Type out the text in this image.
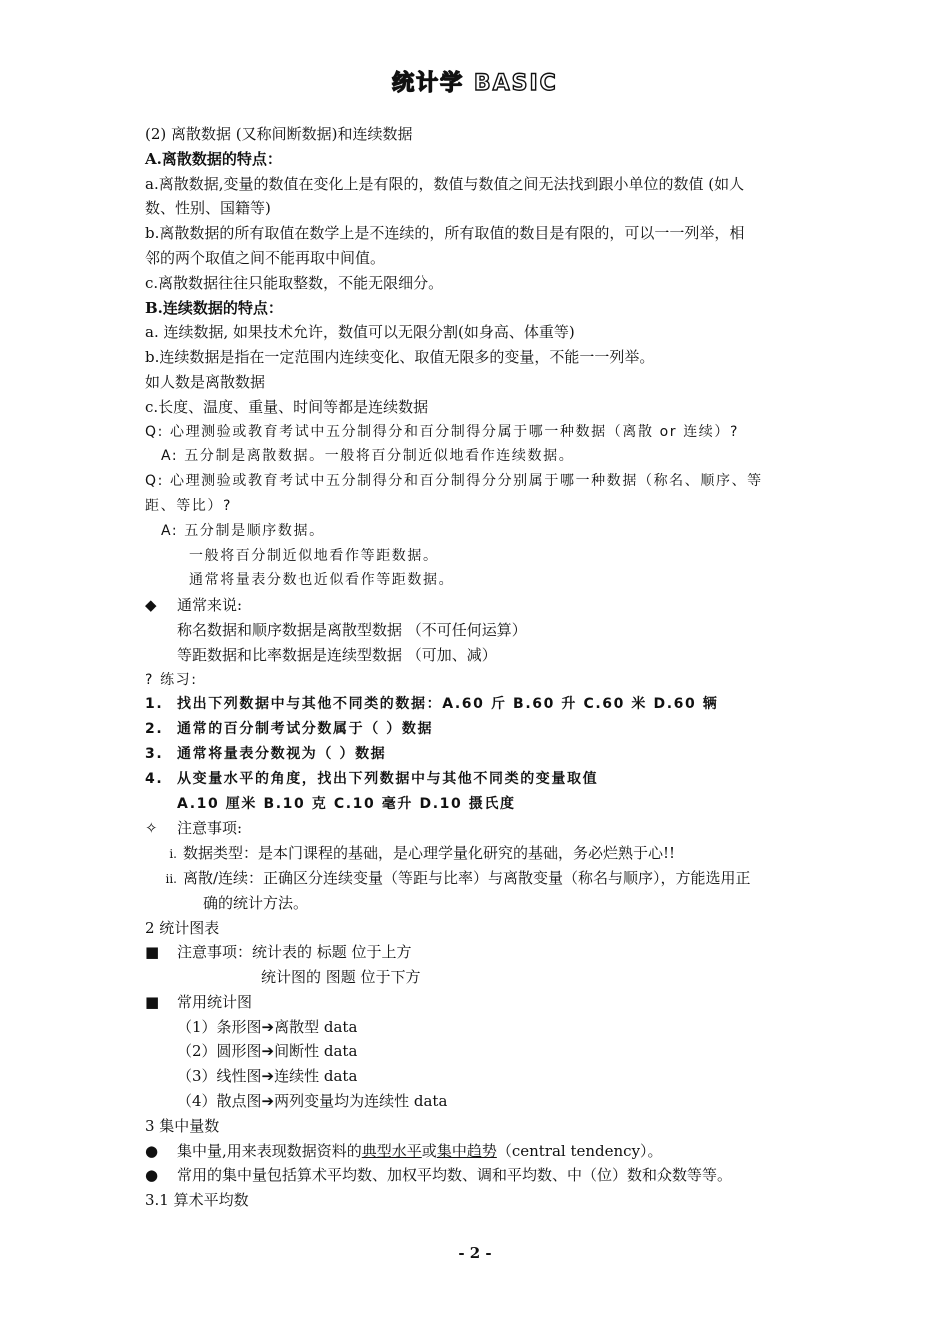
统计学 BASIC
(2) 离散数据 (又称间断数据)和连续数据
A.离散数据的特点：
a.离散数据,变量的数值在变化上是有限的，数值与数值之间无法找到跟小单位的数值 (如人
数、性别、国籍等)
b.离散数据的所有取值在数学上是不连续的，所有取值的数目是有限的，可以一一列举，相
邻的两个取值之间不能再取中间值。
c.离散数据往往只能取整数，不能无限细分。
B.连续数据的特点：
a. 连续数据, 如果技术允许，数值可以无限分割(如身高、体重等)
b.连续数据是指在一定范围内连续变化、取值无限多的变量，不能一一列举。
如人数是离散数据
c.长度、温度、重量、时间等都是连续数据
Q: 心理测验或教育考试中五分制得分和百分制得分属于哪一种数据（离散 or 连续）?
A: 五分制是离散数据。一般将百分制近似地看作连续数据。
Q: 心理测验或教育考试中五分制得分和百分制得分分别属于哪一种数据（称名、顺序、等
距、等比）?
A: 五分制是顺序数据。
一般将百分制近似地看作等距数据。
通常将量表分数也近似看作等距数据。
◆ 通常来说:
称名数据和顺序数据是离散型数据 （不可任何运算）
等距数据和比率数据是连续型数据 （可加、减）
? 练习:
1. 找出下列数据中与其他不同类的数据：A.60 斤 B.60 升 C.60 米 D.60 辆
2. 通常的百分制考试分数属于（ ）数据
3. 通常将量表分数视为（ ）数据
4. 从变量水平的角度，找出下列数据中与其他不同类的变量取值
A.10 厘米 B.10 克 C.10 毫升 D.10 摄氏度
✧ 注意事项:
i. 数据类型：是本门课程的基础，是心理学量化研究的基础，务必烂熟于心!!
ii. 离散/连续：正确区分连续变量（等距与比率）与离散变量（称名与顺序），方能选用正
确的统计方法。
2 统计图表
■ 注意事项：统计表的 标题 位于上方
统计图的 图题 位于下方
■ 常用统计图
（1）条形图➔离散型 data
（2）圆形图➔间断性 data
（3）线性图➔连续性 data
（4）散点图➔两列变量均为连续性 data
3 集中量数
● 集中量,用来表现数据资料的典型水平或集中趋势（central tendency）。
● 常用的集中量包括算术平均数、加权平均数、调和平均数、中（位）数和众数等等。
3.1 算术平均数
- 2 -
